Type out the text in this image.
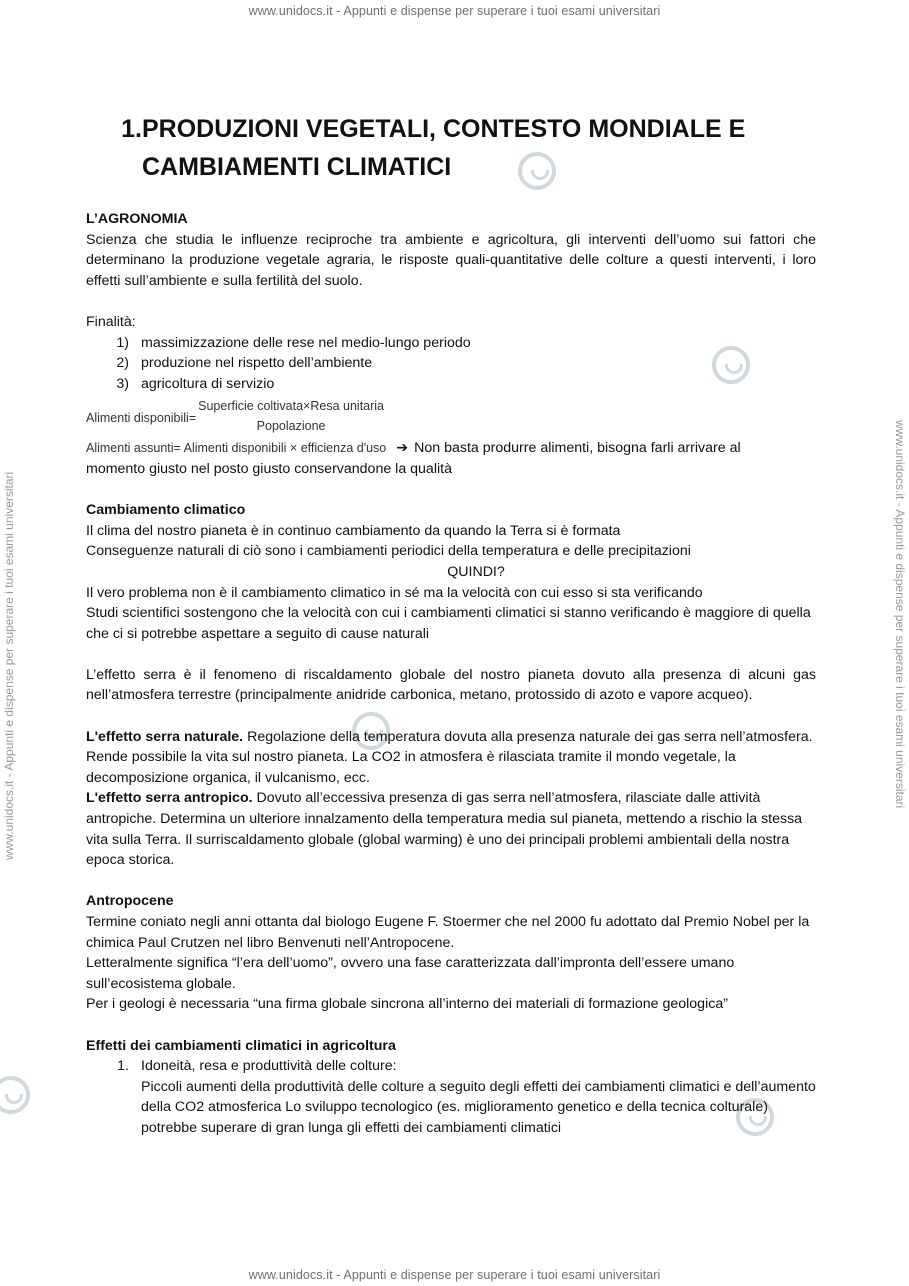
www.unidocs.it - Appunti e dispense per superare i tuoi esami universitari
www.unidocs.it - Appunti e dispense per superare i tuoi esami universitari
www.unidocs.it - Appunti e dispense per superare i tuoi esami universitari	www.unidocs.it - Appunti e dispense per superare i tuoi esami universitari
1. PRODUZIONI VEGETALI, CONTESTO MONDIALE E
CAMBIAMENTI CLIMATICI

L’AGRONOMIA

Scienza che studia le influenze reciproche tra ambiente e agricoltura, gli interventi dell’uomo sui fattori che determinano la produzione vegetale agraria, le risposte quali-quantitative delle colture a questi interventi, i loro effetti sull’ambiente e sulla fertilità del suolo.

Finalità:

1) massimizzazione delle rese nel medio-lungo periodo
2) produzione nel rispetto dell’ambiente
3) agricoltura di servizio
Alimenti disponibili=
Superficie coltivata×Resa unitaria
Popolazione
Alimenti assunti= Alimenti disponibili × efficienza d'uso ➔ Non basta produrre alimenti, bisogna farli arrivare al

momento giusto nel posto giusto conservandone la qualità

Cambiamento climatico

Il clima del nostro pianeta è in continuo cambiamento da quando la Terra si è formata

Conseguenze naturali di ciò sono i cambiamenti periodici della temperatura e delle precipitazioni

QUINDI?

Il vero problema non è il cambiamento climatico in sé ma la velocità con cui esso si sta verificando

Studi scientifici sostengono che la velocità con cui i cambiamenti climatici si stanno verificando è maggiore di quella che ci si potrebbe aspettare a seguito di cause naturali

L’effetto serra è il fenomeno di riscaldamento globale del nostro pianeta dovuto alla presenza di alcuni gas nell’atmosfera terrestre (principalmente anidride carbonica, metano, protossido di azoto e vapore acqueo).

L'effetto serra naturale. Regolazione della temperatura dovuta alla presenza naturale dei gas serra nell’atmosfera. Rende possibile la vita sul nostro pianeta. La CO2 in atmosfera è rilasciata tramite il mondo vegetale, la decomposizione organica, il vulcanismo, ecc.

L'effetto serra antropico. Dovuto all’eccessiva presenza di gas serra nell’atmosfera, rilasciate dalle attività antropiche. Determina un ulteriore innalzamento della temperatura media sul pianeta, mettendo a rischio la stessa vita sulla Terra. Il surriscaldamento globale (global warming) è uno dei principali problemi ambientali della nostra epoca storica.

Antropocene

Termine coniato negli anni ottanta dal biologo Eugene F. Stoermer che nel 2000 fu adottato dal Premio Nobel per la chimica Paul Crutzen nel libro Benvenuti nell’Antropocene.

Letteralmente significa “l’era dell’uomo”, ovvero una fase caratterizzata dall’impronta dell’essere umano sull’ecosistema globale.

Per i geologi è necessaria “una firma globale sincrona all’interno dei materiali di formazione geologica”

Effetti dei cambiamenti climatici in agricoltura

1. Idoneità, resa e produttività delle colture:
Piccoli aumenti della produttività delle colture a seguito degli effetti dei cambiamenti climatici e dell’aumento della CO2 atmosferica Lo sviluppo tecnologico (es. miglioramento genetico e della tecnica colturale) potrebbe superare di gran lunga gli effetti dei cambiamenti climatici
